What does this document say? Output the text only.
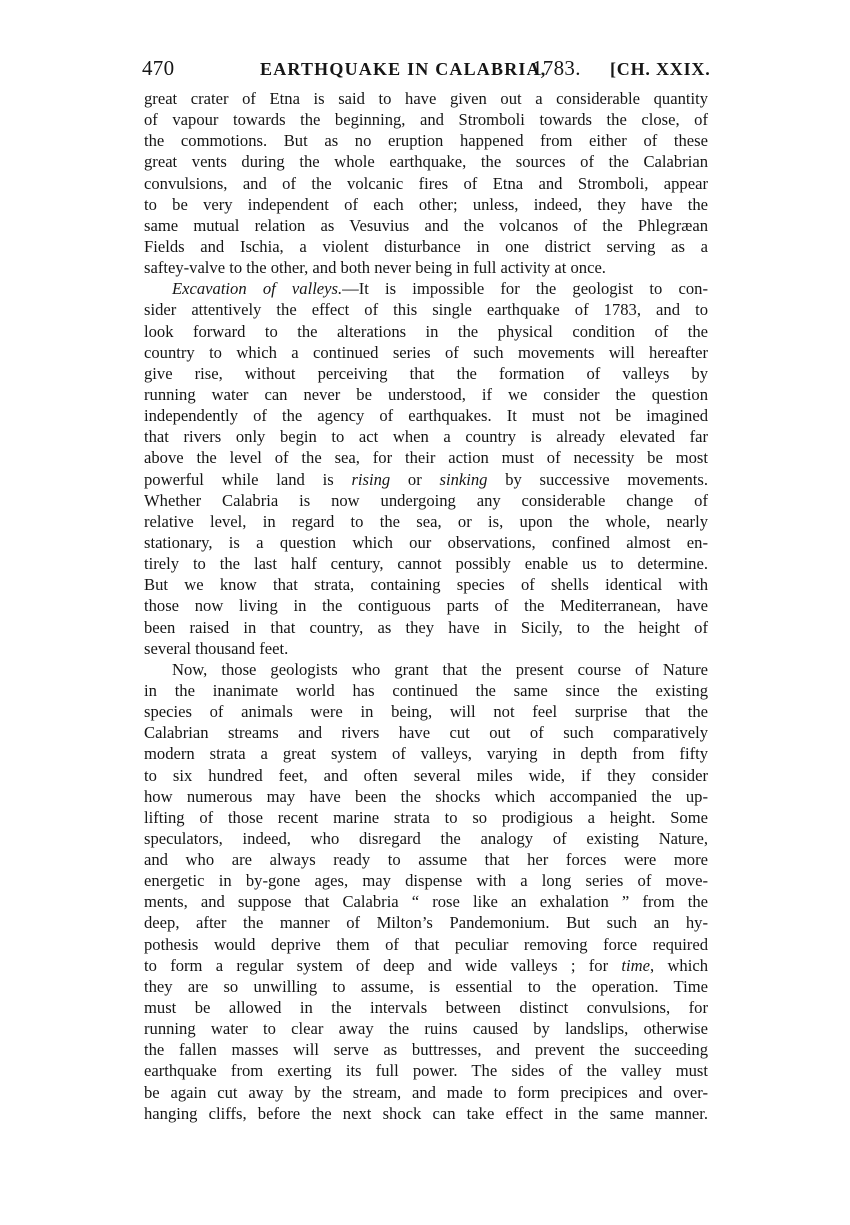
470	EARTHQUAKE IN CALABRIA,
1783. [CH. XXIX.
great crater of Etna is said to have given out a considerable quantity
of vapour towards the beginning, and Stromboli towards the close, of
the commotions. But as no eruption happened from either of these
great vents during the whole earthquake, the sources of the Calabrian
convulsions, and of the volcanic fires of Etna and Stromboli, appear
to be very independent of each other; unless, indeed, they have the
same mutual relation as Vesuvius and the volcanos of the Phlegræan
Fields and Ischia, a violent disturbance in one district serving as a
saftey-valve to the other, and both never being in full activity at once.
Excavation of valleys.—It is impossible for the geologist to con-
sider attentively the effect of this single earthquake of 1783, and to
look forward to the alterations in the physical condition of the
country to which a continued series of such movements will hereafter
give rise, without perceiving that the formation of valleys by
running water can never be understood, if we consider the question
independently of the agency of earthquakes. It must not be imagined
that rivers only begin to act when a country is already elevated far
above the level of the sea, for their action must of necessity be most
powerful while land is rising or sinking by successive movements.
Whether Calabria is now undergoing any considerable change of
relative level, in regard to the sea, or is, upon the whole, nearly
stationary, is a question which our observations, confined almost en-
tirely to the last half century, cannot possibly enable us to determine.
But we know that strata, containing species of shells identical with
those now living in the contiguous parts of the Mediterranean, have
been raised in that country, as they have in Sicily, to the height of
several thousand feet.
Now, those geologists who grant that the present course of Nature
in the inanimate world has continued the same since the existing
species of animals were in being, will not feel surprise that the
Calabrian streams and rivers have cut out of such comparatively
modern strata a great system of valleys, varying in depth from fifty
to six hundred feet, and often several miles wide, if they consider
how numerous may have been the shocks which accompanied the up-
lifting of those recent marine strata to so prodigious a height. Some
speculators, indeed, who disregard the analogy of existing Nature,
and who are always ready to assume that her forces were more
energetic in by-gone ages, may dispense with a long series of move-
ments, and suppose that Calabria “ rose like an exhalation ” from the
deep, after the manner of Milton’s Pandemonium. But such an hy-
pothesis would deprive them of that peculiar removing force required
to form a regular system of deep and wide valleys ; for time, which
they are so unwilling to assume, is essential to the operation. Time
must be allowed in the intervals between distinct convulsions, for
running water to clear away the ruins caused by landslips, otherwise
the fallen masses will serve as buttresses, and prevent the succeeding
earthquake from exerting its full power. The sides of the valley must
be again cut away by the stream, and made to form precipices and over-
hanging cliffs, before the next shock can take effect in the same manner.
